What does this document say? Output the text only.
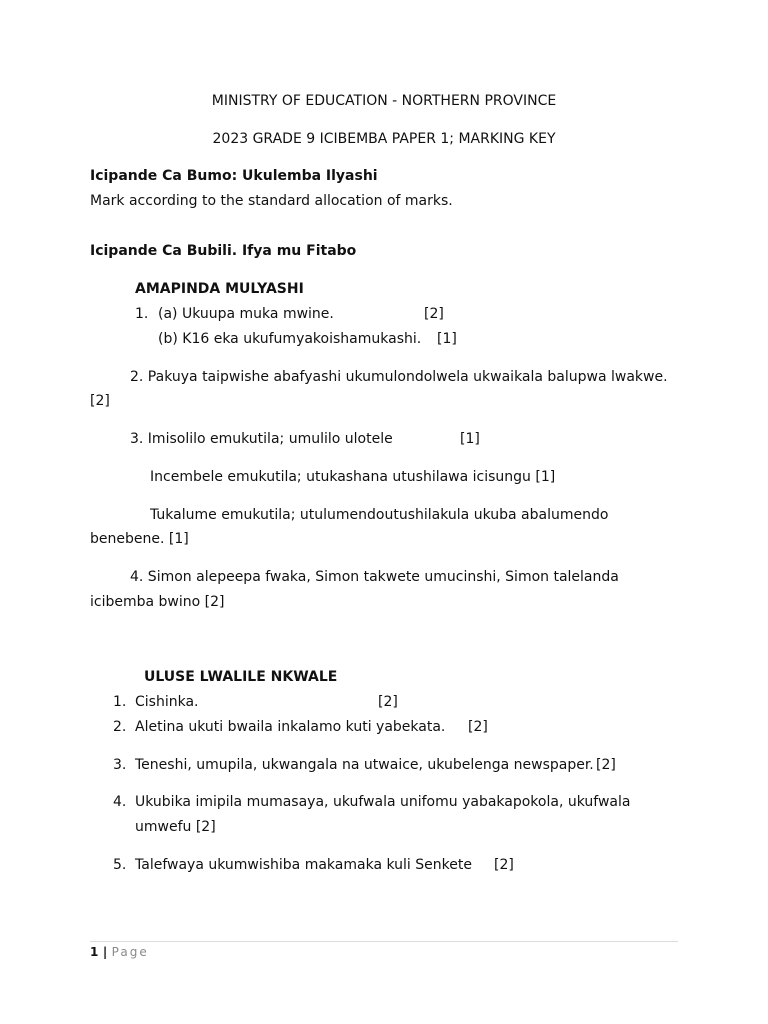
MINISTRY OF EDUCATION - NORTHERN PROVINCE
2023 GRADE 9 ICIBEMBA PAPER 1; MARKING KEY
Icipande Ca Bumo: Ukulemba Ilyashi
Mark according to the standard allocation of marks.
Icipande Ca Bubili. Ifya mu Fitabo
AMAPINDA MULYASHI
1. (a) Ukuupa muka mwine.	[2]
(b) K16 eka ukufumyakoishamukashi. [1]
2. Pakuya taipwishe abafyashi ukumulondolwela ukwaikala balupwa lwakwe.
[2]
3. Imisolilo emukutila; umulilo ulotele	[1]
Incembele emukutila; utukashana utushilawa icisungu [1]
Tukalume emukutila; utulumendoutushilakula ukuba abalumendo
benebene. [1]
4. Simon alepeepa fwaka, Simon takwete umucinshi, Simon talelanda
icibemba bwino [2]
ULUSE LWALILE NKWALE
1. Cishinka.	[2]
2. Aletina ukuti bwaila inkalamo kuti yabekata. [2]
3. Teneshi, umupila, ukwangala na utwaice, ukubelenga newspaper. [2]
4. Ukubika imipila mumasaya, ukufwala unifomu yabakapokola, ukufwala
umwefu [2]
5. Talefwaya ukumwishiba makamaka kuli Senkete [2]
1 | Page
